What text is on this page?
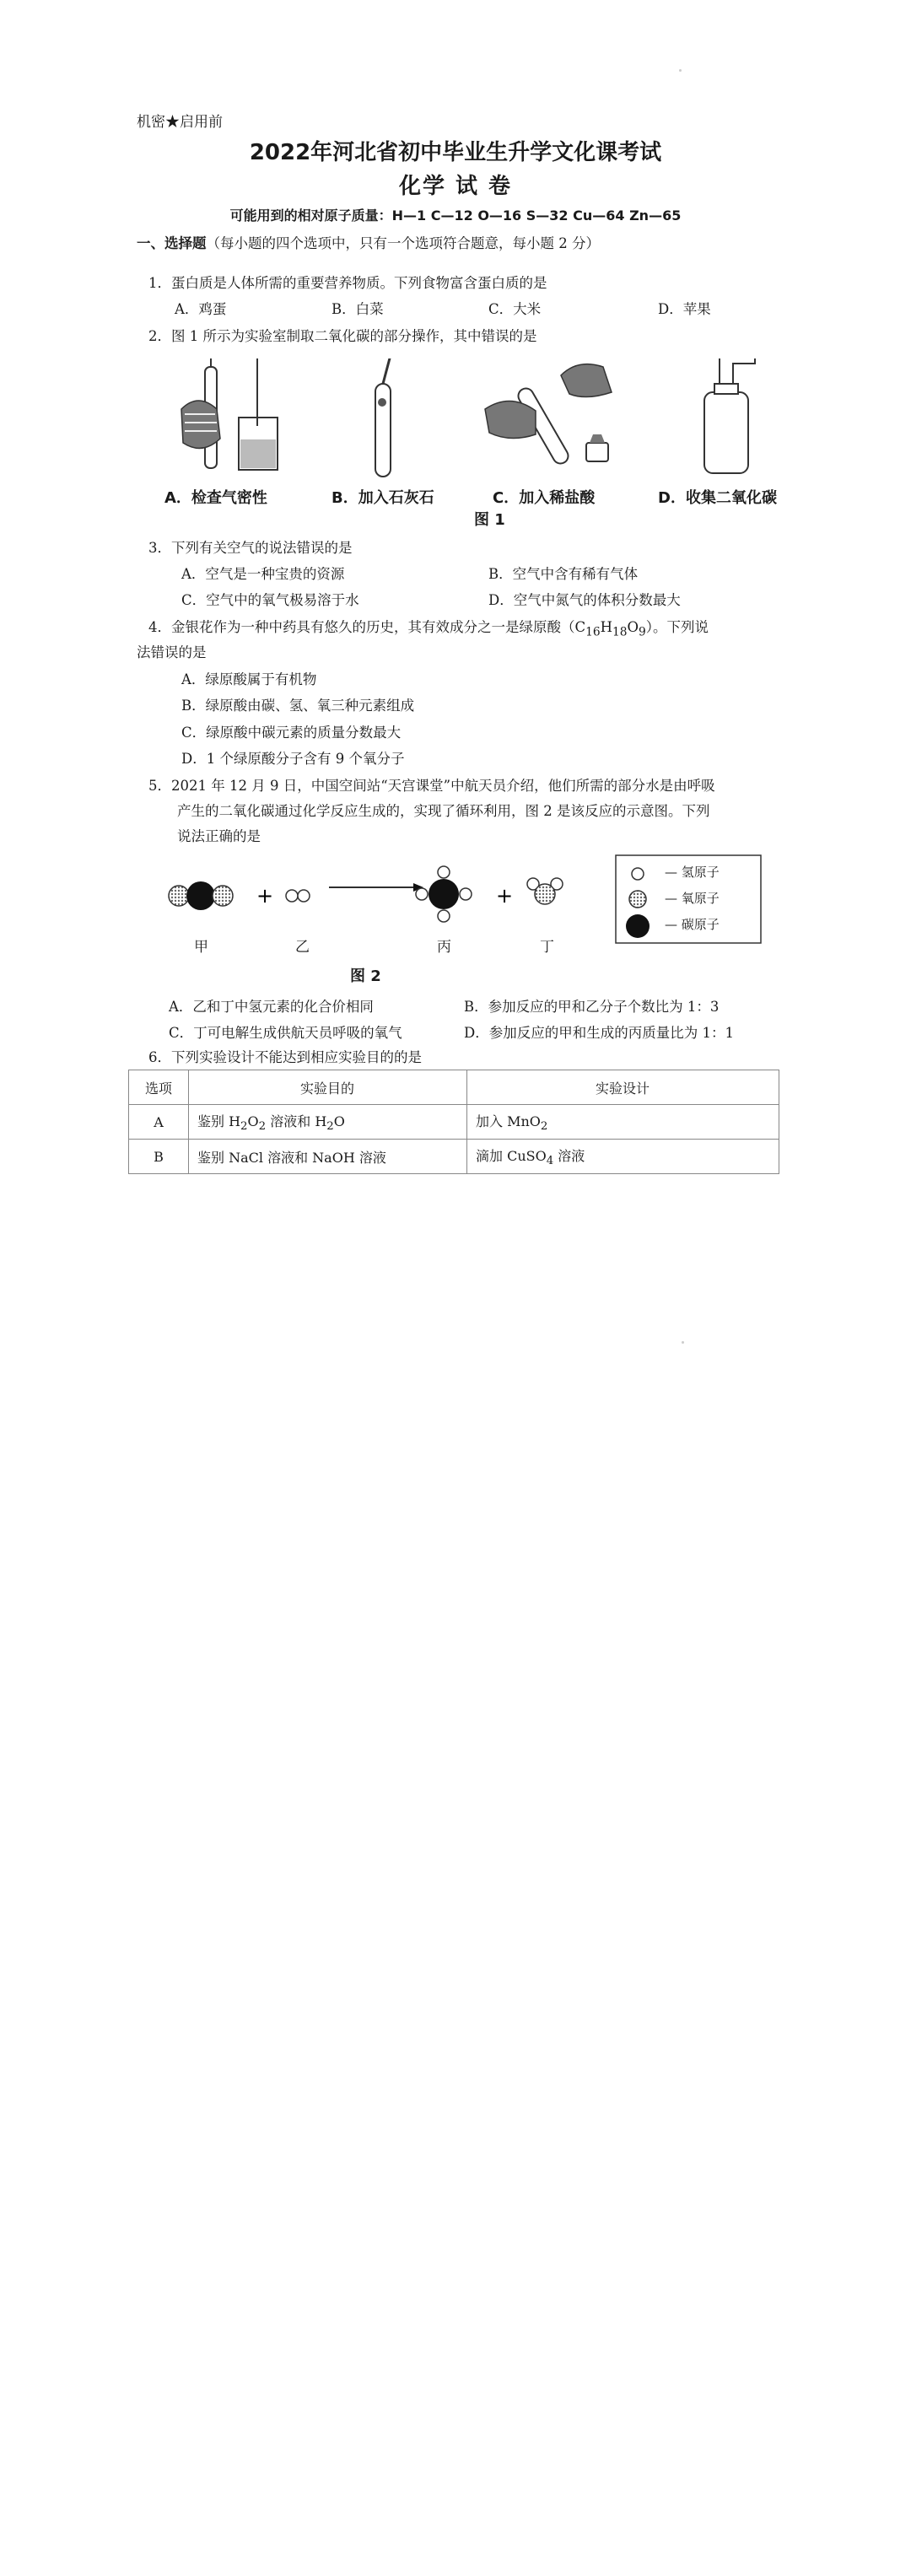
机密★启用前
2022年河北省初中毕业生升学文化课考试
化学 试 卷
可能用到的相对原子质量：H—1 C—12 O—16 S—32 Cu—64 Zn—65
一、选择题（每小题的四个选项中，只有一个选项符合题意，每小题 2 分）
1．蛋白质是人体所需的重要营养物质。下列食物富含蛋白质的是
A．鸡蛋	B．白菜	C．大米	D．苹果
2．图 1 所示为实验室制取二氧化碳的部分操作，其中错误的是
A．检查气密性	B．加入石灰石	C．加入稀盐酸	D．收集二氧化碳
图 1
3．下列有关空气的说法错误的是
A．空气是一种宝贵的资源	B．空气中含有稀有气体
C．空气中的氧气极易溶于水	D．空气中氮气的体积分数最大
4．金银花作为一种中药具有悠久的历史，其有效成分之一是绿原酸$(C_{16}H_{18}O_9)$。下列说
法错误的是
A．绿原酸属于有机物
B．绿原酸由碳、氢、氧三种元素组成
C．绿原酸中碳元素的质量分数最大
D．1 个绿原酸分子含有 9 个氧分子
5．2021 年 12 月 9 日，中国空间站“天宫课堂”中航天员介绍，他们所需的部分水是由呼吸
产生的二氧化碳通过化学反应生成的，实现了循环利用，图 2 是该反应的示意图。下列
说法正确的是
+	+
— 氢原子
— 氧原子
— 碳原子
甲	乙	丙	丁
图 2
A．乙和丁中氢元素的化合价相同	B．参加反应的甲和乙分子个数比为 1：3
C．丁可电解生成供航天员呼吸的氧气	D．参加反应的甲和生成的丙质量比为 1：1
6．下列实验设计不能达到相应实验目的的是
选项	实验目的	实验设计
A	鉴别 $H_2O_2$ 溶液和 $H_2O$	加入 MnO$_2$
B	鉴别 NaCl 溶液和 NaOH 溶液	滴加 CuSO$_4$ 溶液
